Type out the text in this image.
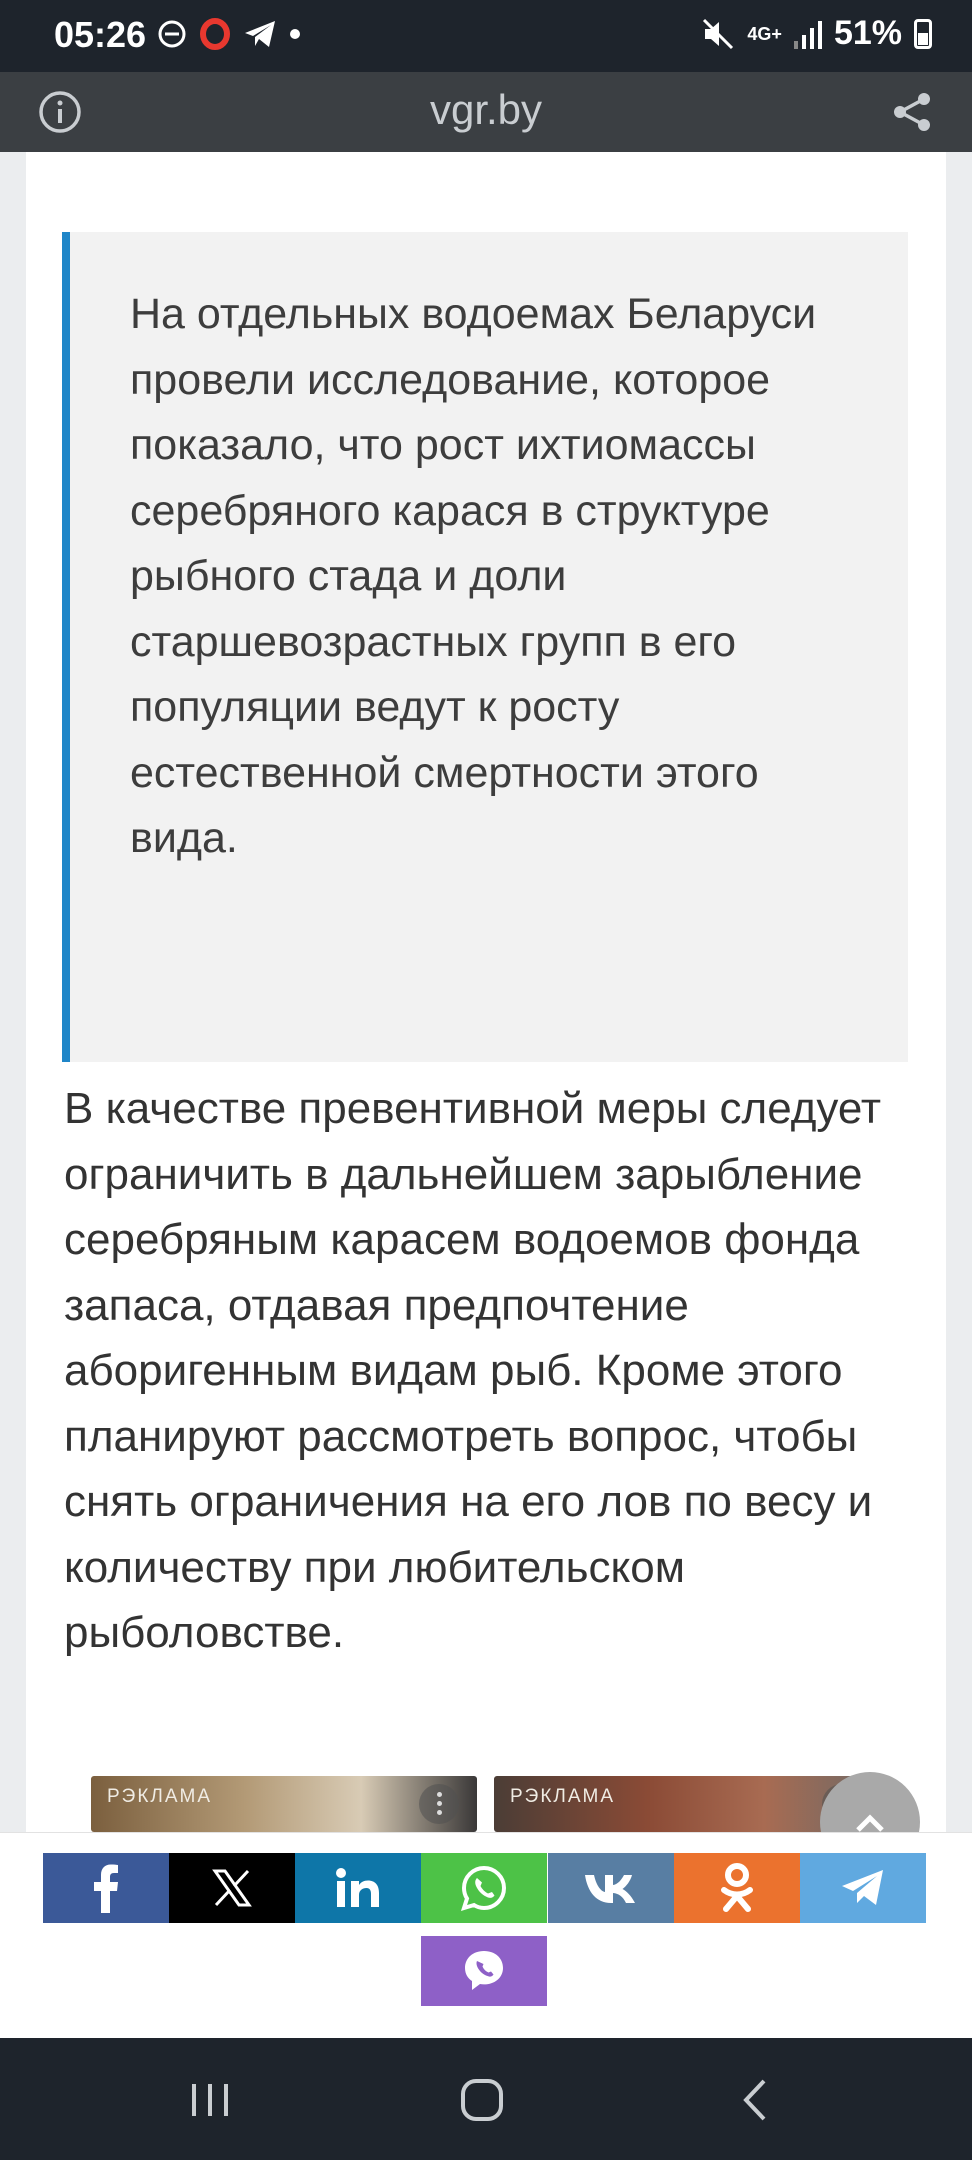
05:26	4G+ 51%
vgr.by

На отдельных водоемах Беларуси провели исследование, которое показало, что рост ихтиомассы серебряного карася в структуре рыбного стада и доли старшевозрастных групп в его популяции ведут к росту естественной смертности этого вида.

В качестве превентивной меры следует ограничить в дальнейшем зарыбление серебряным карасем водоемов фонда запаса, отдавая предпочтение аборигенным видам рыб. Кроме этого планируют рассмотреть вопрос, чтобы снять ограничения на его лов по весу и количеству при любительском рыболовстве.

РЭКЛАМА	РЭКЛАМА
